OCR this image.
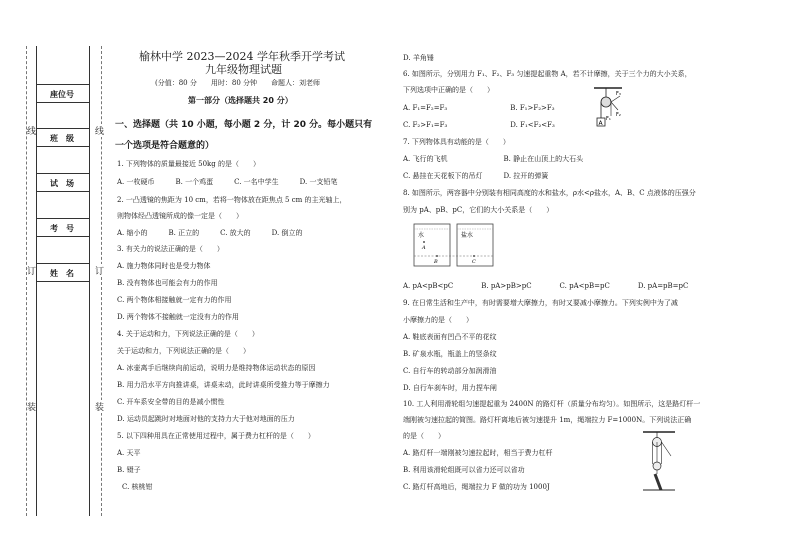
座位号
班　级
试　场
考　号
姓　名
线
订
装
线
订
装
榆林中学 2023—2024 学年秋季开学考试
九年级物理试题
(分值：80 分　　用时：80 分钟　　命题人：刘老师
第一部分（选择题共 20 分）
一、选择题（共 10 小题，每小题 2 分，计 20 分。每小题只有
一个选项是符合题意的）
1. 下列物体的质量最接近 50kg 的是（　　）
A. 一枚硬币　　　B. 一个鸡蛋　　　C. 一名中学生　　　D. 一支铅笔
2. 一凸透镜的焦距为 10 cm，若将一物体放在距焦点 5 cm 的主光轴上，
则物体经凸透镜所成的像一定是（　　）
A. 缩小的　　　B. 正立的　　　C. 放大的　　　D. 倒立的
3. 有关力的说法正确的是（　　）
A. 施力物体同时也是受力物体
B. 没有物体也可能会有力的作用
C. 两个物体相接触就一定有力的作用
D. 两个物体不接触就一定没有力的作用
4. 关于运动和力，下列说法正确的是（　　）
关于运动和力，下列说法正确的是（　　）
A. 冰壶离手后继续向前运动，说明力是维持物体运动状态的原因
B. 用力沿水平方向推讲桌，讲桌未动，此时讲桌所受推力等于摩擦力
C. 开车系安全带的目的是减小惯性
D. 运动员起跳时对地面对他的支持力大于他对地面的压力
5. 以下四种用具在正常使用过程中，属于费力杠杆的是（　　）
A. 天平
B. 镊子
C. 核桃钳
D. 羊角锤
6. 如图所示，分别用力 F₁、F₂、F₃ 匀速提起重物 A，若不计摩擦，关于三个力的大小关系，
下列选项中正确的是（　　）
A. F₁=F₂=F₃　　　　　　　　　B. F₁>F₂>F₃
C. F₂>F₁=F₃　　　　　　　　　D. F₁<F₂<F₃
7. 下列物体具有动能的是（　　）
A. 飞行的飞机　　　　　　　　B. 静止在山顶上的大石头
C. 悬挂在天花板下的吊灯　　　D. 拉开的弹簧
8. 如图所示，两容器中分别装有相同高度的水和盐水，ρ水<ρ盐水，A、B、C 点液体的压强分
别为 pA、pB、pC，它们的大小关系是（　　）
A. pA<pB<pC　　　　B. pA>pB>pC　　　　C. pA<pB=pC　　　　D. pA=pB=pC
9. 在日常生活和生产中，有时需要增大摩擦力，有时又要减小摩擦力。下列实例中为了减
小摩擦力的是（　　）
A. 鞋底表面有凹凸不平的花纹
B. 矿泉水瓶，瓶盖上的竖条纹
C. 自行车的转动部分加润滑油
D. 自行车刹车时，用力捏车闸
10. 工人利用滑轮组匀速提起重为 2400N 的路灯杆（质量分布均匀）。如图所示，这是路灯杆一
端刚被匀速拉起的简图。路灯杆离地后被匀速提升 1m，绳端拉力 F=1000N。下列说法正确
的是（　　）
A. 路灯杆一端刚被匀速拉起时，相当于费力杠杆
B. 利用该滑轮组既可以省力还可以省功
C. 路灯杆高地后，绳端拉力 F 做的功为 1000J
A
F₃
F₂
F₁
水	盐水
A
B	C
